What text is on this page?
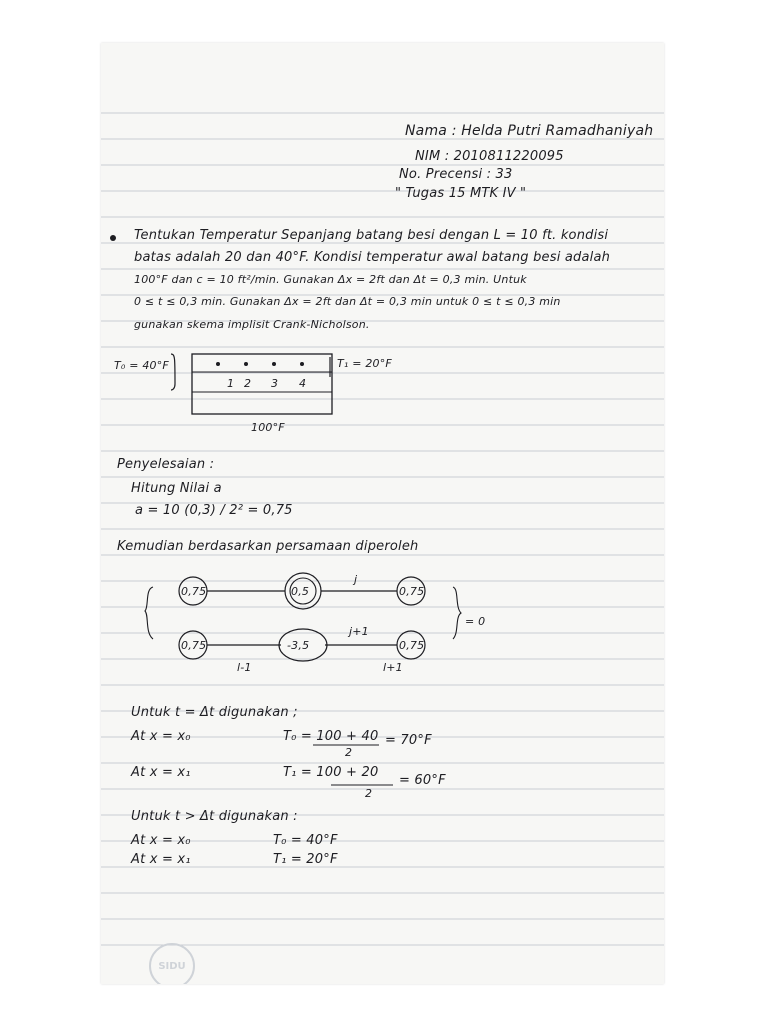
Nama : Helda Putri Ramadhaniyah
NIM : 2010811220095
No. Precensi : 33
" Tugas 15 MTK IV "
Tentukan Temperatur Sepanjang batang besi dengan L = 10 ft. kondisi
batas adalah 20 dan 40°F. Kondisi temperatur awal batang besi adalah
100°F dan c = 10 ft²/min. Gunakan Δx = 2ft dan Δt = 0,3 min. Untuk
0 ≤ t ≤ 0,3 min. Gunakan Δx = 2ft dan Δt = 0,3 min untuk 0 ≤ t ≤ 0,3 min
gunakan skema implisit Crank-Nicholson.
T₀ = 40°F
1 2 3 4
T₁ = 20°F
100°F
Penyelesaian :
Hitung Nilai a
a = 10 (0,3) / 2² = 0,75
Kemudian berdasarkan persamaan diperoleh
0,75	0,5	0,75
0,75	-3,5	0,75
j
j+1
l-1	l+1
= 0
Untuk t = Δt digunakan ;
At x = x₀	T₀ = 100 + 40
2
= 70°F
At x = x₁	T₁ = 100 + 20
2
= 60°F
Untuk t > Δt digunakan :
At x = x₀	T₀ = 40°F
At x = x₁	T₁ = 20°F
SIDU
